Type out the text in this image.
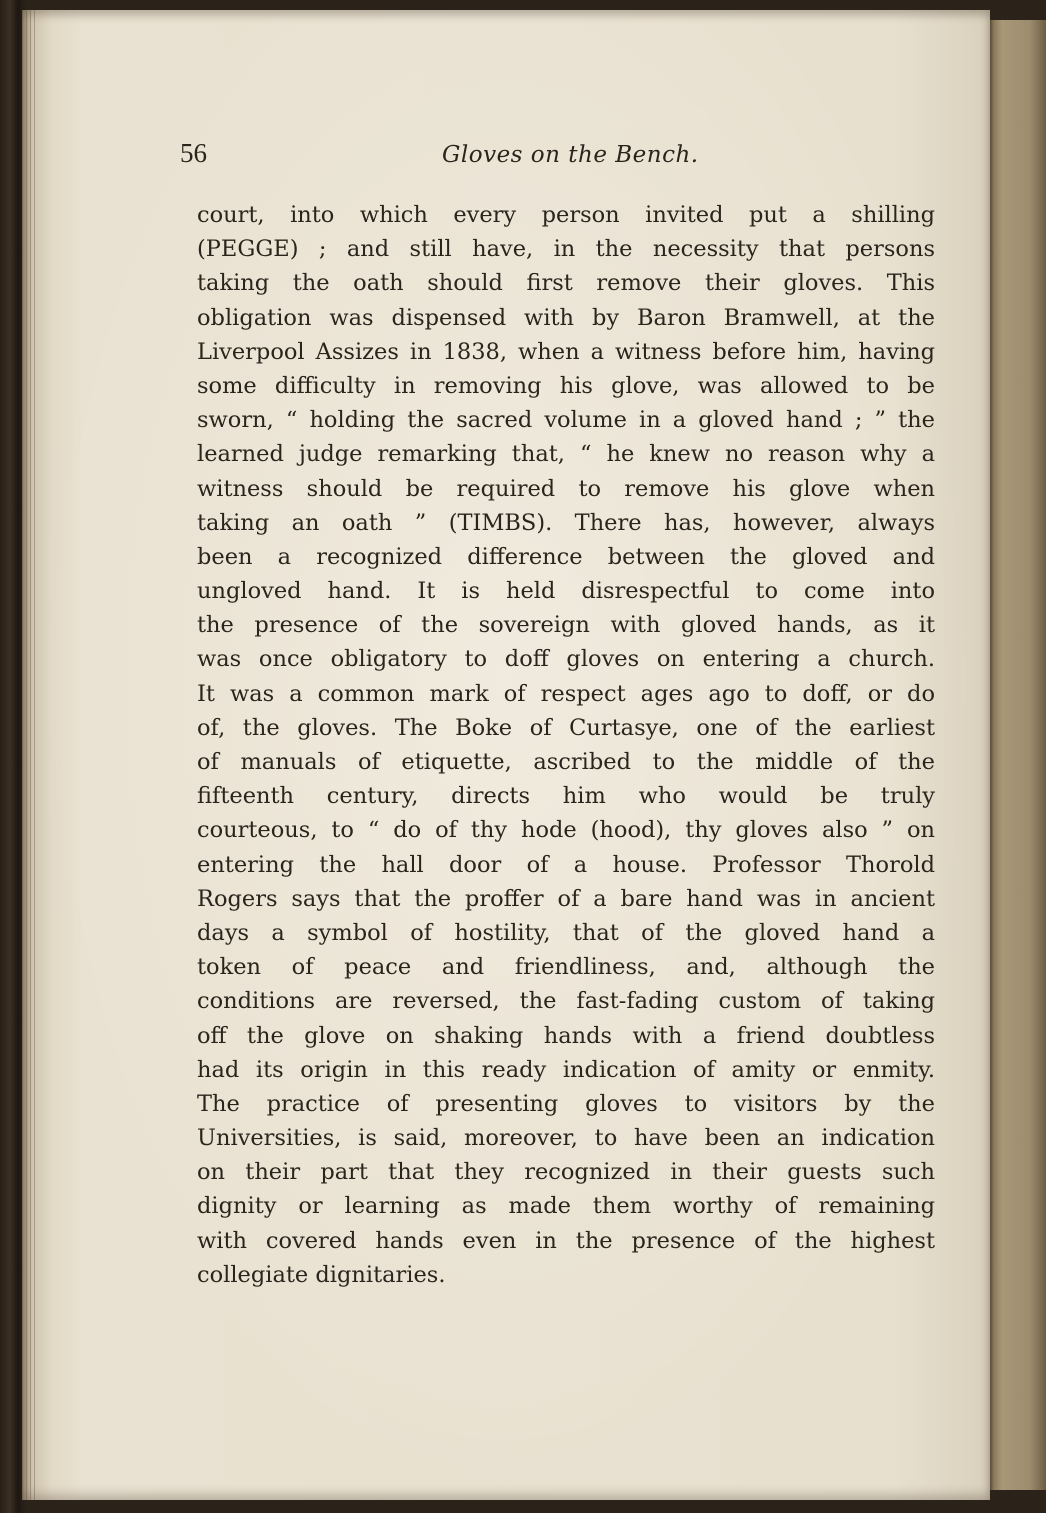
56	Gloves on the Bench.
court, into which every person invited put a shilling
(PEGGE) ; and still have, in the necessity that persons
taking the oath should first remove their gloves. This
obligation was dispensed with by Baron Bramwell, at the
Liverpool Assizes in 1838, when a witness before him, having
some difficulty in removing his glove, was allowed to be
sworn, “ holding the sacred volume in a gloved hand ; ” the
learned judge remarking that, “ he knew no reason why a
witness should be required to remove his glove when
taking an oath ” (TIMBS). There has, however, always
been a recognized difference between the gloved and
ungloved hand. It is held disrespectful to come into
the presence of the sovereign with gloved hands, as it
was once obligatory to doff gloves on entering a church.
It was a common mark of respect ages ago to doff, or do
of, the gloves. The Boke of Curtasye, one of the earliest
of manuals of etiquette, ascribed to the middle of the
fifteenth century, directs him who would be truly
courteous, to “ do of thy hode (hood), thy gloves also ” on
entering the hall door of a house. Professor Thorold
Rogers says that the proffer of a bare hand was in ancient
days a symbol of hostility, that of the gloved hand a
token of peace and friendliness, and, although the
conditions are reversed, the fast-fading custom of taking
off the glove on shaking hands with a friend doubtless
had its origin in this ready indication of amity or enmity.
The practice of presenting gloves to visitors by the
Universities, is said, moreover, to have been an indication
on their part that they recognized in their guests such
dignity or learning as made them worthy of remaining
with covered hands even in the presence of the highest
collegiate dignitaries.
